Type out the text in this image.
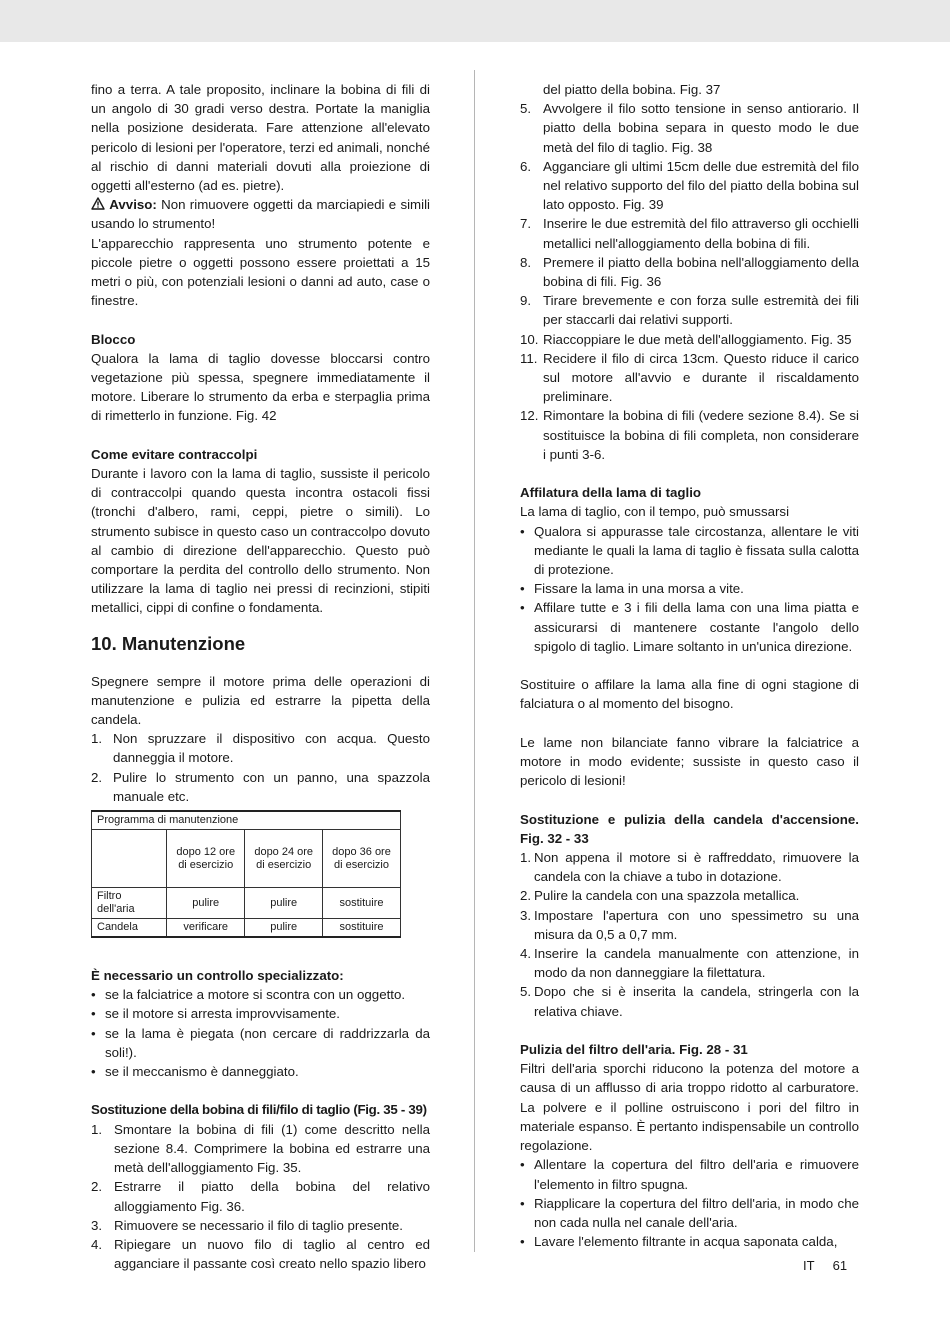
fino a terra. A tale proposito, inclinare la bobina di fili di un angolo di 30 gradi verso destra. Portate la maniglia nella posizione desiderata. Fare attenzione all'elevato pericolo di lesioni per l'operatore, terzi ed animali, nonché al rischio di danni materiali dovuti alla proiezione di oggetti all'esterno (ad es. pietre).

Avviso: Non rimuovere oggetti da marciapiedi e simili usando lo strumento!

L'apparecchio rappresenta uno strumento potente e piccole pietre o oggetti possono essere proiettati a 15 metri o più, con potenziali lesioni o danni ad auto, case o finestre.

Blocco

Qualora la lama di taglio dovesse bloccarsi contro vegetazione più spessa, spegnere immediatamente il motore. Liberare lo strumento da erba e sterpaglia prima di rimetterlo in funzione. Fig. 42

Come evitare contraccolpi

Durante i lavoro con la lama di taglio, sussiste il pericolo di contraccolpi quando questa incontra ostacoli fissi (tronchi d'albero, rami, ceppi, pietre o simili). Lo strumento subisce in questo caso un contraccolpo dovuto al cambio di direzione dell'apparecchio. Questo può comportare la perdita del controllo dello strumento. Non utilizzare la lama di taglio nei pressi di recinzioni, stipiti metallici, cippi di confine o fondamenta.

10. Manutenzione

Spegnere sempre il motore prima delle operazioni di manutenzione e pulizia ed estrarre la pipetta della candela.

1. Non spruzzare il dispositivo con acqua. Questo danneggia il motore.
2. Pulire lo strumento con un panno, una spazzola manuale etc.
Programma di manutenzione			
	dopo 12 ore di esercizio	dopo 24 ore di esercizio	dopo 36 ore di esercizio
Filtro dell'aria	pulire	pulire	sostituire
Candela	verificare	pulire	sostituire

È necessario un controllo specializzato:

• se la falciatrice a motore si scontra con un oggetto.
• se il motore si arresta improvvisamente.
• se la lama è piegata (non cercare di raddrizzarla da soli!).
• se il meccanismo è danneggiato.

Sostituzione della bobina di fili/filo di taglio (Fig. 35 - 39)

1. Smontare la bobina di fili (1) come descritto nella sezione 8.4. Comprimere la bobina ed estrarre una metà dell'alloggiamento Fig. 35.
2. Estrarre il piatto della bobina del relativo alloggiamento Fig. 36.
3. Rimuovere se necessario il filo di taglio presente.
4. Ripiegare un nuovo filo di taglio al centro ed agganciare il passante così creato nello spazio libero

del piatto della bobina. Fig. 37

5. Avvolgere il filo sotto tensione in senso antiorario. Il piatto della bobina separa in questo modo le due metà del filo di taglio. Fig. 38
6. Agganciare gli ultimi 15cm delle due estremità del filo nel relativo supporto del filo del piatto della bobina sul lato opposto. Fig. 39
7. Inserire le due estremità del filo attraverso gli occhielli metallici nell'alloggiamento della bobina di fili.
8. Premere il piatto della bobina nell'alloggiamento della bobina di fili. Fig. 36
9. Tirare brevemente e con forza sulle estremità dei fili per staccarli dai relativi supporti.
10. Riaccoppiare le due metà dell'alloggiamento. Fig. 35
11. Recidere il filo di circa 13cm. Questo riduce il carico sul motore all'avvio e durante il riscaldamento preliminare.
12. Rimontare la bobina di fili (vedere sezione 8.4). Se si sostituisce la bobina di fili completa, non considerare i punti 3-6.

Affilatura della lama di taglio

La lama di taglio, con il tempo, può smussarsi

• Qualora si appurasse tale circostanza, allentare le viti mediante le quali la lama di taglio è fissata sulla calotta di protezione.
• Fissare la lama in una morsa a vite.
• Affilare tutte e 3 i fili della lama con una lima piatta e assicurarsi di mantenere costante l'angolo dello spigolo di taglio. Limare soltanto in un'unica direzione.

Sostituire o affilare la lama alla fine di ogni stagione di falciatura o al momento del bisogno.

Le lame non bilanciate fanno vibrare la falciatrice a motore in modo evidente; sussiste in questo caso il pericolo di lesioni!

Sostituzione e pulizia della candela d'accensione. Fig. 32 - 33

1. Non appena il motore si è raffreddato, rimuovere la candela con la chiave a tubo in dotazione.
2. Pulire la candela con una spazzola metallica.
3. Impostare l'apertura con uno spessimetro su una misura da 0,5 a 0,7 mm.
4. Inserire la candela manualmente con attenzione, in modo da non danneggiare la filettatura.
5. Dopo che si è inserita la candela, stringerla con la relativa chiave.

Pulizia del filtro dell'aria. Fig. 28 - 31

Filtri dell'aria sporchi riducono la potenza del motore a causa di un afflusso di aria troppo ridotto al carburatore. La polvere e il polline ostruiscono i pori del filtro in materiale espanso. È pertanto indispensabile un controllo regolazione.

• Allentare la copertura del filtro dell'aria e rimuovere l'elemento in filtro spugna.
• Riapplicare la copertura del filtro dell'aria, in modo che non cada nulla nel canale dell'aria.
• Lavare l'elemento filtrante in acqua saponata calda,
IT 61
